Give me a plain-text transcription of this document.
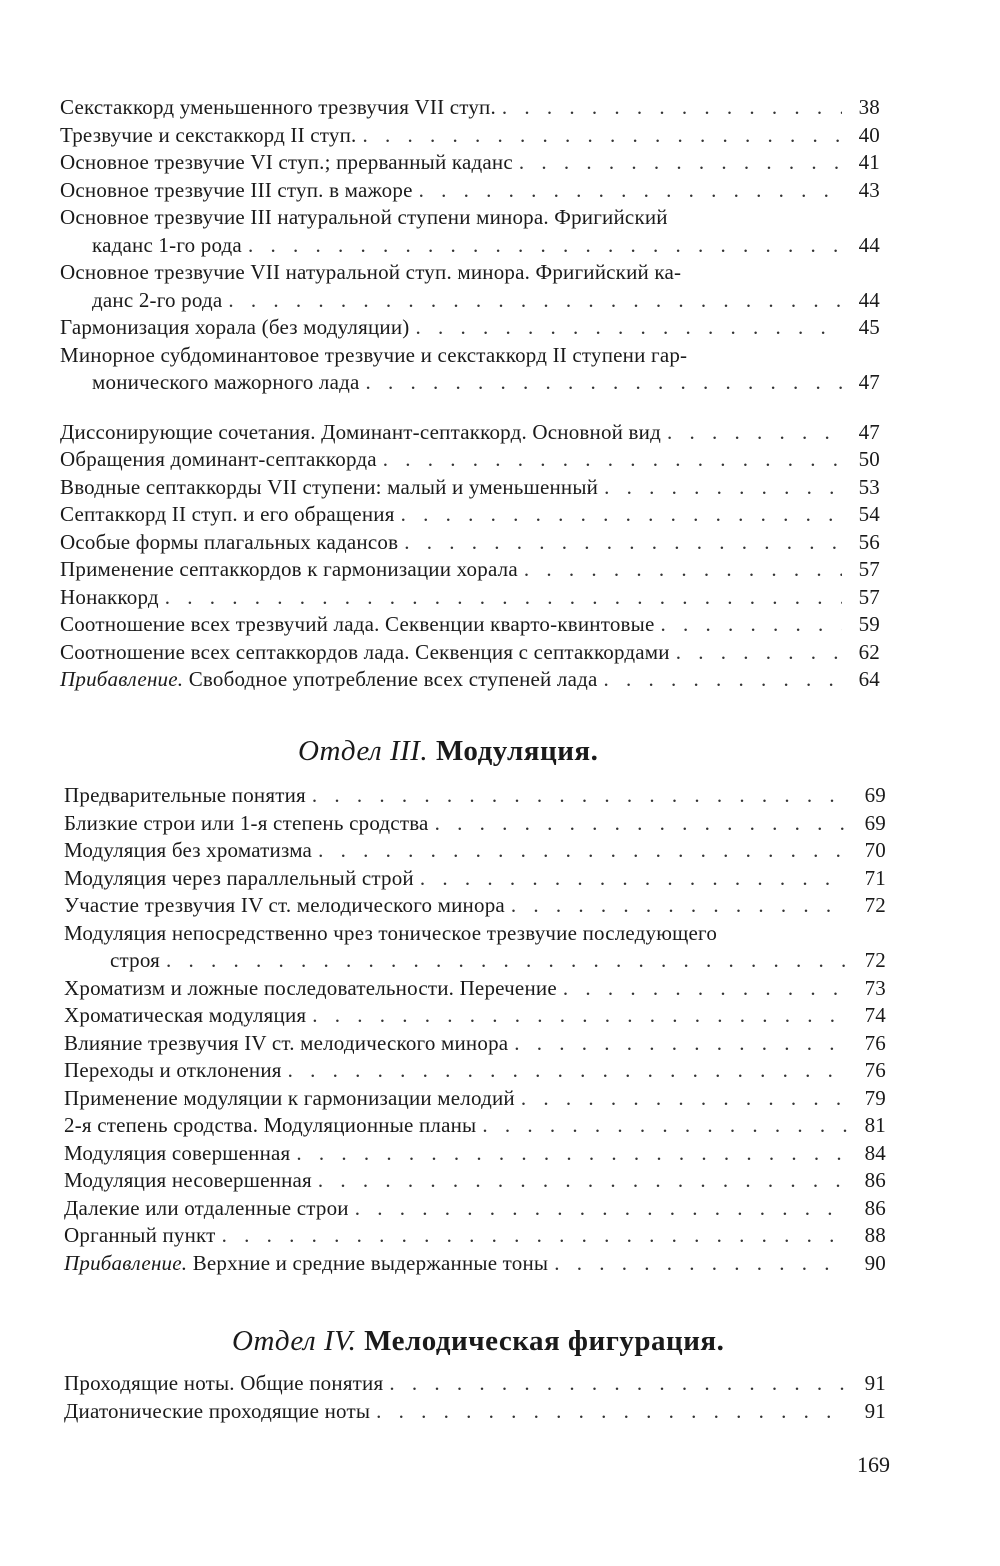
Секстаккорд уменьшенного трезвучия VII ступ. . . .	38
Трезвучие и секстаккорд II ступ. . . .	40
Основное трезвучие VI ступ.; прерванный каданс . . .	41
Основное трезвучие III ступ. в мажоре . . .	43
Основное трезвучие III натуральной ступени минора. Фригийский
каданс 1-го рода . . .	44
Основное трезвучие VII натуральной ступ. минора. Фригийский ка-
данс 2-го рода . . .	44
Гармонизация хорала (без модуляции) . . .	45
Минорное субдоминантовое трезвучие и секстаккорд II ступени гар-
монического мажорного лада . . .	47
Диссонирующие сочетания. Доминант-септаккорд. Основной вид . . .	47
Обращения доминант-септаккорда . . .	50
Вводные септаккорды VII ступени: малый и уменьшенный . . .	53
Септаккорд II ступ. и его обращения . . .	54
Особые формы плагальных кадансов . . .	56
Применение септаккордов к гармонизации хорала . . .	57
Нонаккорд . . .	57
Соотношение всех трезвучий лада. Секвенции кварто-квинтовые . . .	59
Соотношение всех септаккордов лада. Секвенция с септаккордами . . .	62
Прибавление. Свободное употребление всех ступеней лада . . .	64
Отдел III. Модуляция.
Предварительные понятия . . .	69
Близкие строи или 1-я степень сродства . . .	69
Модуляция без хроматизма . . .	70
Модуляция через параллельный строй . . .	71
Участие трезвучия IV ст. мелодического минора . . .	72
Модуляция непосредственно чрез тоническое трезвучие последующего
строя . . .	72
Хроматизм и ложные последовательности. Перечение . . .	73
Хроматическая модуляция . . .	74
Влияние трезвучия IV ст. мелодического минора . . .	76
Переходы и отклонения . . .	76
Применение модуляции к гармонизации мелодий . . .	79
2-я степень сродства. Модуляционные планы . . .	81
Модуляция совершенная . . .	84
Модуляция несовершенная . . .	86
Далекие или отдаленные строи . . .	86
Органный пункт . . .	88
Прибавление. Верхние и средние выдержанные тоны . . .	90
Отдел IV. Мелодическая фигурация.
Проходящие ноты. Общие понятия . . .	91
Диатонические проходящие ноты . . .	91
169
